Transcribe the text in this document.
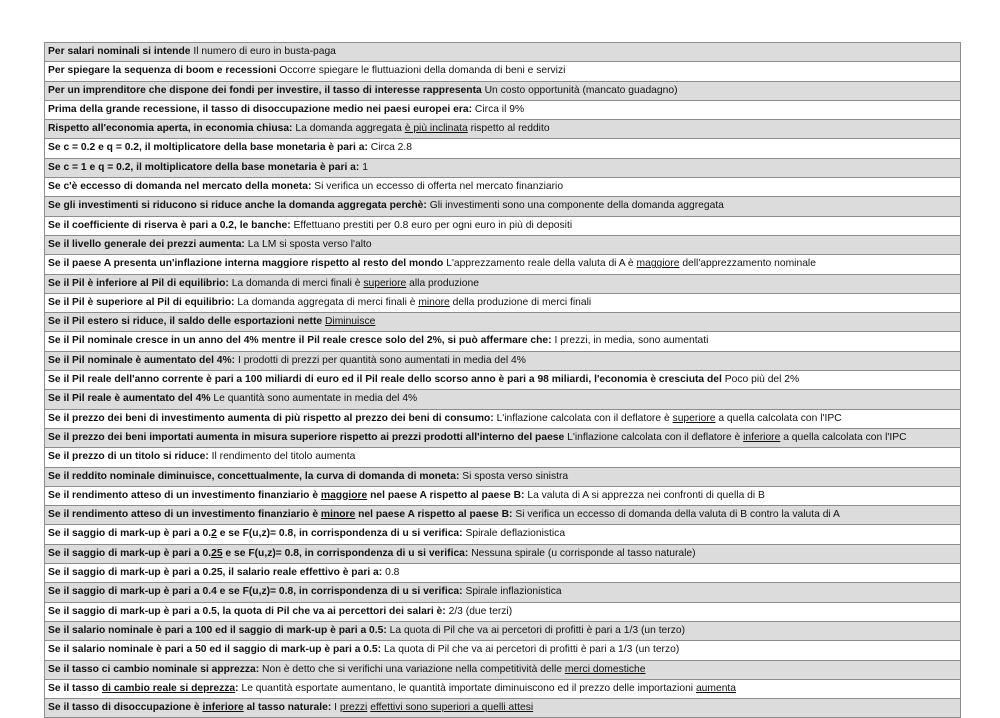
Per salari nominali si intende Il numero di euro in busta-paga
Per spiegare la sequenza di boom e recessioni Occorre spiegare le fluttuazioni della domanda di beni e servizi
Per un imprenditore che dispone dei fondi per investire, il tasso di interesse rappresenta Un costo opportunità (mancato guadagno)
Prima della grande recessione, il tasso di disoccupazione medio nei paesi europei era: Circa il 9%
Rispetto all'economia aperta, in economia chiusa: La domanda aggregata è più inclinata rispetto al reddito
Se c = 0.2 e q = 0.2, il moltiplicatore della base monetaria è pari a: Circa 2.8
Se c = 1 e q = 0.2, il moltiplicatore della base monetaria è pari a: 1
Se c'è eccesso di domanda nel mercato della moneta: Si verifica un eccesso di offerta nel mercato finanziario
Se gli investimenti si riducono si riduce anche la domanda aggregata perchè: Gli investimenti sono una componente della domanda aggregata
Se il coefficiente di riserva è pari a 0.2, le banche: Effettuano prestiti per 0.8 euro per ogni euro in più di depositi
Se il livello generale dei prezzi aumenta: La LM si sposta verso l'alto
Se il paese A presenta un'inflazione interna maggiore rispetto al resto del mondo L'apprezzamento reale della valuta di A è maggiore dell'apprezzamento nominale
Se il Pil è inferiore al Pil di equilibrio: La domanda di merci finali è superiore alla produzione
Se il Pil è superiore al Pil di equilibrio: La domanda aggregata di merci finali è minore della produzione di merci finali
Se il Pil estero si riduce, il saldo delle esportazioni nette Diminuisce
Se il Pil nominale cresce in un anno del 4% mentre il Pil reale cresce solo del 2%, si può affermare che: I prezzi, in media, sono aumentati
Se il Pil nominale è aumentato del 4%: I prodotti di prezzi per quantità sono aumentati in media del 4%
Se il Pil reale dell'anno corrente è pari a 100 miliardi di euro ed il Pil reale dello scorso anno è pari a 98 miliardi, l'economia è cresciuta del Poco più del 2%
Se il Pil reale è aumentato del 4% Le quantità sono aumentate in media del 4%
Se il prezzo dei beni di investimento aumenta di più rispetto al prezzo dei beni di consumo: L'inflazione calcolata con il deflatore è superiore a quella calcolata con l'IPC
Se il prezzo dei beni importati aumenta in misura superiore rispetto ai prezzi prodotti all'interno del paese L'inflazione calcolata con il deflatore è inferiore a quella calcolata con l'IPC
Se il prezzo di un titolo si riduce: Il rendimento del titolo aumenta
Se il reddito nominale diminuisce, concettualmente, la curva di domanda di moneta: Si sposta verso sinistra
Se il rendimento atteso di un investimento finanziario è maggiore nel paese A rispetto al paese B: La valuta di A si apprezza nei confronti di quella di B
Se il rendimento atteso di un investimento finanziario è minore nel paese A rispetto al paese B: Si verifica un eccesso di domanda della valuta di B contro la valuta di A
Se il saggio di mark-up è pari a 0.2 e se F(u,z)= 0.8, in corrispondenza di u si verifica: Spirale deflazionistica
Se il saggio di mark-up è pari a 0.25 e se F(u,z)= 0.8, in corrispondenza di u si verifica: Nessuna spirale (u corrisponde al tasso naturale)
Se il saggio di mark-up è pari a 0.25, il salario reale effettivo è pari a: 0.8
Se il saggio di mark-up è pari a 0.4 e se F(u,z)= 0.8, in corrispondenza di u si verifica: Spirale inflazionistica
Se il saggio di mark-up è pari a 0.5, la quota di Pil che va ai percettori dei salari è: 2/3 (due terzi)
Se il salario nominale è pari a 100 ed il saggio di mark-up è pari a 0.5: La quota di Pil che va ai percetori di profitti è pari a 1/3 (un terzo)
Se il salario nominale è pari a 50 ed il saggio di mark-up è pari a 0.5: La quota di Pil che va ai percetori di profitti è pari a 1/3 (un terzo)
Se il tasso ci cambio nominale si apprezza: Non è detto che si verifichi una variazione nella competitività delle merci domestiche
Se il tasso di cambio reale si deprezza: Le quantità esportate aumentano, le quantità importate diminuiscono ed il prezzo delle importazioni aumenta
Se il tasso di disoccupazione è inferiore al tasso naturale: I prezzi effettivi sono superiori a quelli attesi
